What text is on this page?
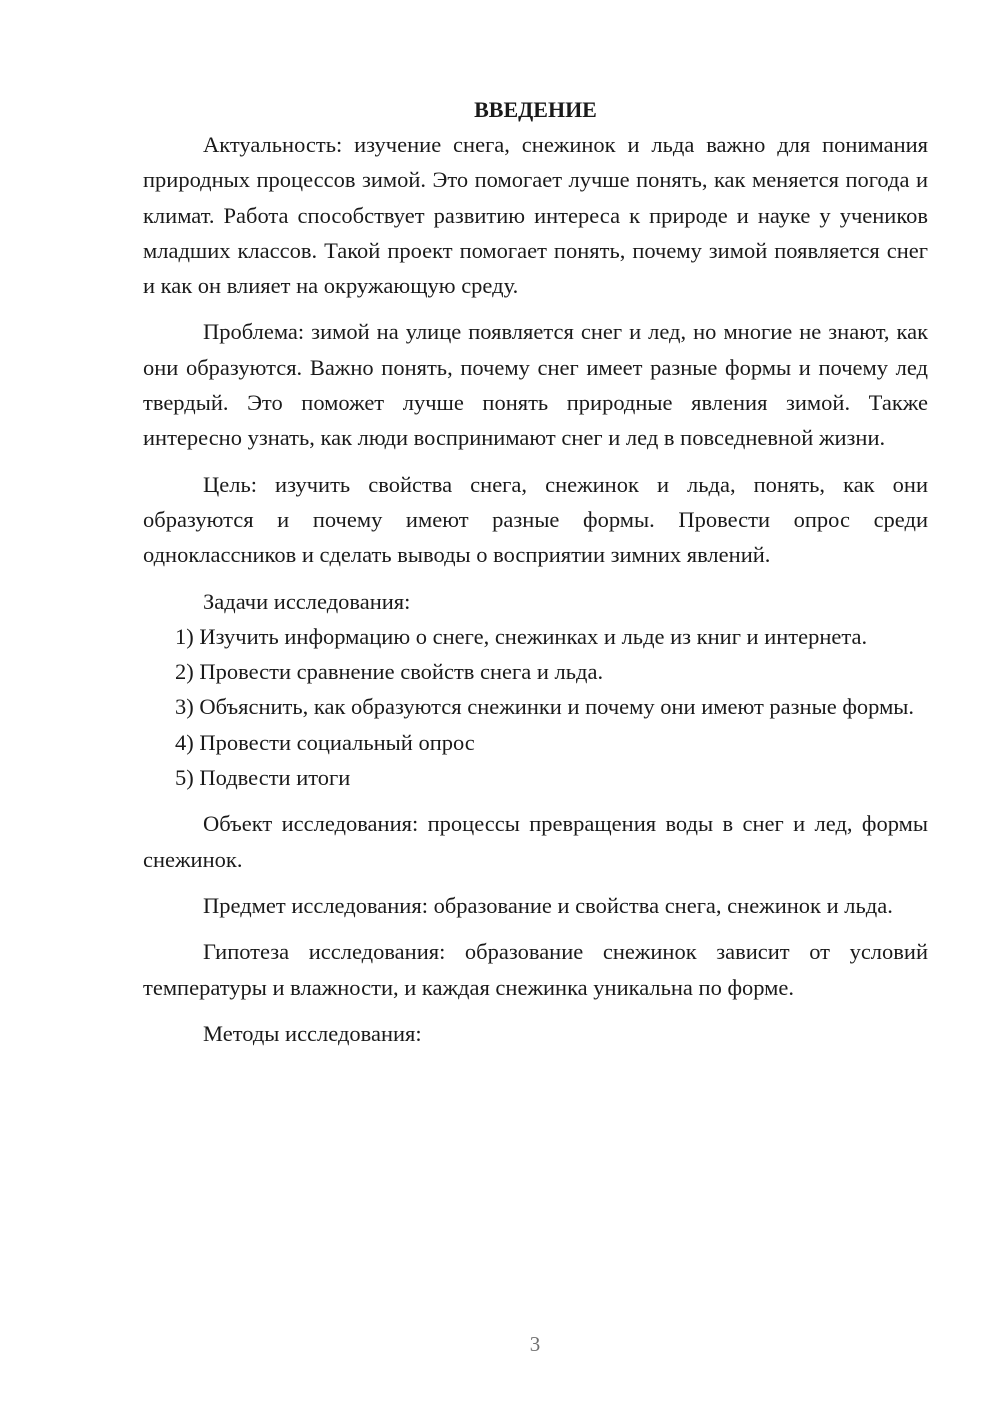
ВВЕДЕНИЕ

Актуальность: изучение снега, снежинок и льда важно для понимания природных процессов зимой. Это помогает лучше понять, как меняется погода и климат. Работа способствует развитию интереса к природе и науке у учеников младших классов. Такой проект помогает понять, почему зимой появляется снег и как он влияет на окружающую среду.

Проблема: зимой на улице появляется снег и лед, но многие не знают, как они образуются. Важно понять, почему снег имеет разные формы и почему лед твердый. Это поможет лучше понять природные явления зимой. Также интересно узнать, как люди воспринимают снег и лед в повседневной жизни.

Цель: изучить свойства снега, снежинок и льда, понять, как они образуются и почему имеют разные формы. Провести опрос среди одноклассников и сделать выводы о восприятии зимних явлений.

Задачи исследования:

1) Изучить информацию о снеге, снежинках и льде из книг и интернета.

2) Провести сравнение свойств снега и льда.

3) Объяснить, как образуются снежинки и почему они имеют разные формы.

4) Провести социальный опрос

5) Подвести итоги

Объект исследования: процессы превращения воды в снег и лед, формы снежинок.

Предмет исследования: образование и свойства снега, снежинок и льда.

Гипотеза исследования: образование снежинок зависит от условий температуры и влажности, и каждая снежинка уникальна по форме.

Методы исследования:

3
